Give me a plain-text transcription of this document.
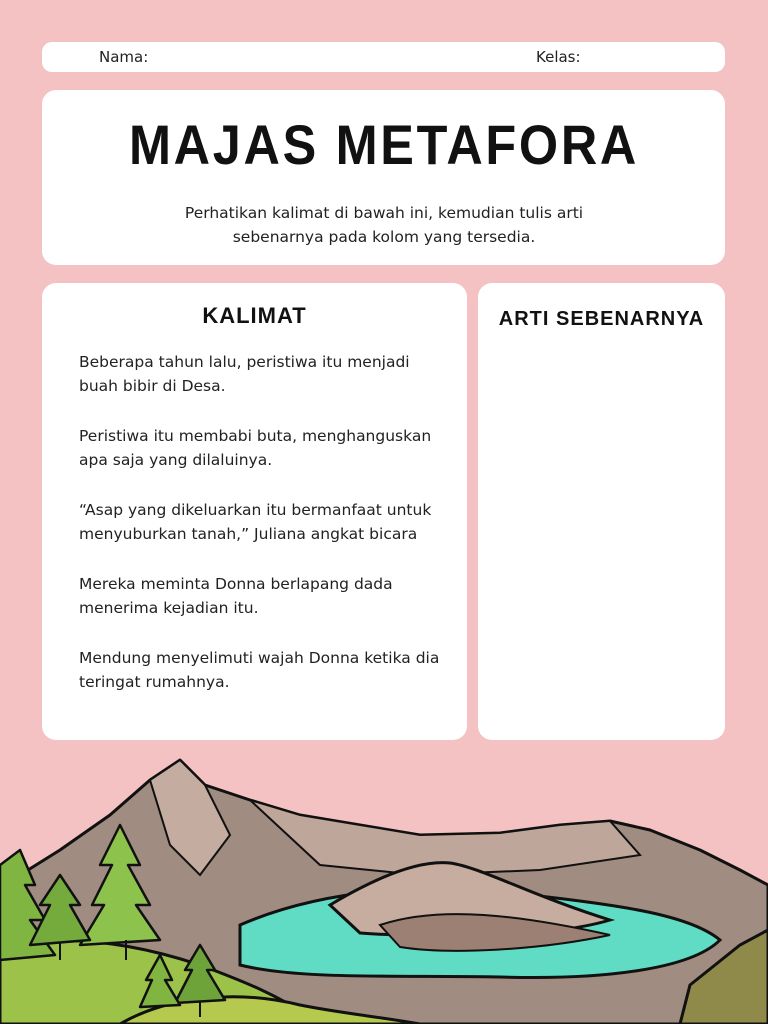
Nama:	Kelas:
MAJAS METAFORA

Perhatikan kalimat di bawah ini, kemudian tulis arti sebenarnya pada kolom yang tersedia.

KALIMAT	ARTI SEBENARNYA
Beberapa tahun lalu, peristiwa itu menjadi buah bibir di Desa.
Peristiwa itu membabi buta, menghanguskan apa saja yang dilaluinya.
“Asap yang dikeluarkan itu bermanfaat untuk menyuburkan tanah,” Juliana angkat bicara
Mereka meminta Donna berlapang dada menerima kejadian itu.
Mendung menyelimuti wajah Donna ketika dia teringat rumahnya.
